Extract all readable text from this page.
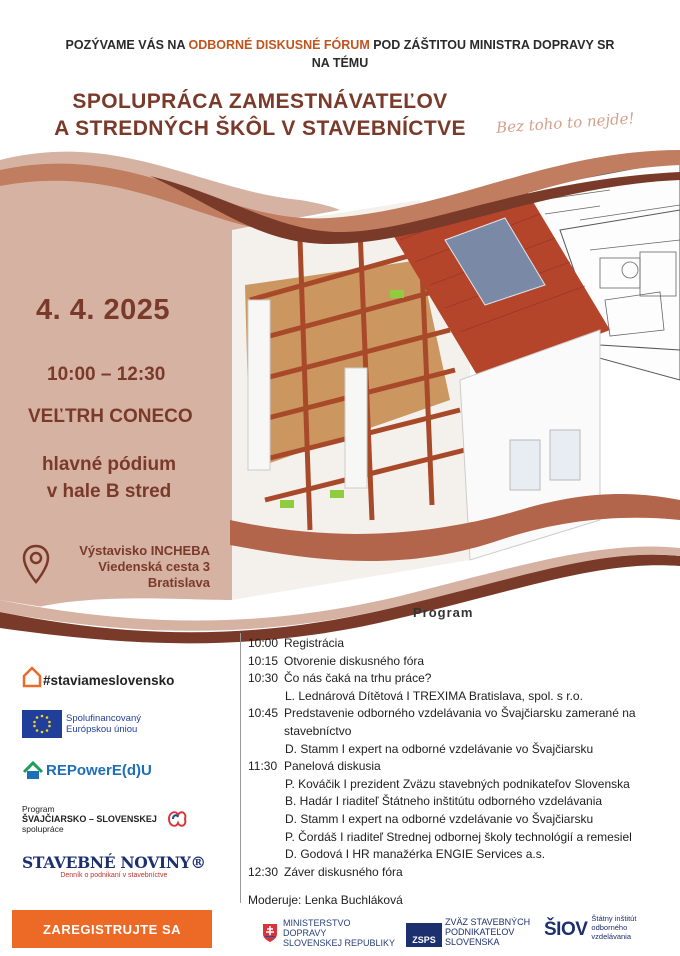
POZÝVAME VÁS NA ODBORNÉ DISKUSNÉ FÓRUM POD ZÁŠTITOU MINISTRA DOPRAVY SR
NA TÉMU
SPOLUPRÁCA ZAMESTNÁVATEĽOV
A STREDNÝCH ŠKÔL V STAVEBNÍCTVE	Bez toho to nejde!
4. 4. 2025
10:00 – 12:30
VEĽTRH CONECO
hlavné pódium
v hale B stred
Výstavisko INCHEBA
Viedenská cesta 3
Bratislava
Program
10:00 Registrácia
10:15 Otvorenie diskusného fóra
10:30 Čo nás čaká na trhu práce?
L. Lednárová Dítětová I TREXIMA Bratislava, spol. s r.o.
10:45 Predstavenie odborného vzdelávania vo Švajčiarsku zamerané na stavebníctvo
D. Stamm I expert na odborné vzdelávanie vo Švajčiarsku
11:30 Panelová diskusia
P. Kováčik I prezident Zväzu stavebných podnikateľov Slovenska
B. Hadár I riaditeľ Štátneho inštitútu odborného vzdelávania
D. Stamm I expert na odborné vzdelávanie vo Švajčiarsku
P. Čordáš I riaditeľ Strednej odbornej školy technológií a remesiel
D. Godová I HR manažérka ENGIE Services a.s.
12:30 Záver diskusného fóra
Moderuje: Lenka Buchláková
#staviameslovensko
Spolufinancovaný
Európskou úniou
REPowerE(d)U
Program
ŠVAJČIARSKO – SLOVENSKEJ
spolupráce
STAVEBNÉ NOVINY®
Denník o podnikaní v stavebníctve
ZAREGISTRUJTE SA	MINISTERSTVO
DOPRAVY
SLOVENSKEJ REPUBLIKY	ZSPS
ZVÄZ STAVEBNÝCH
PODNIKATEĽOV
SLOVENSKA
ŠIOV
Štátny inštitút
odborného
vzdelávania
